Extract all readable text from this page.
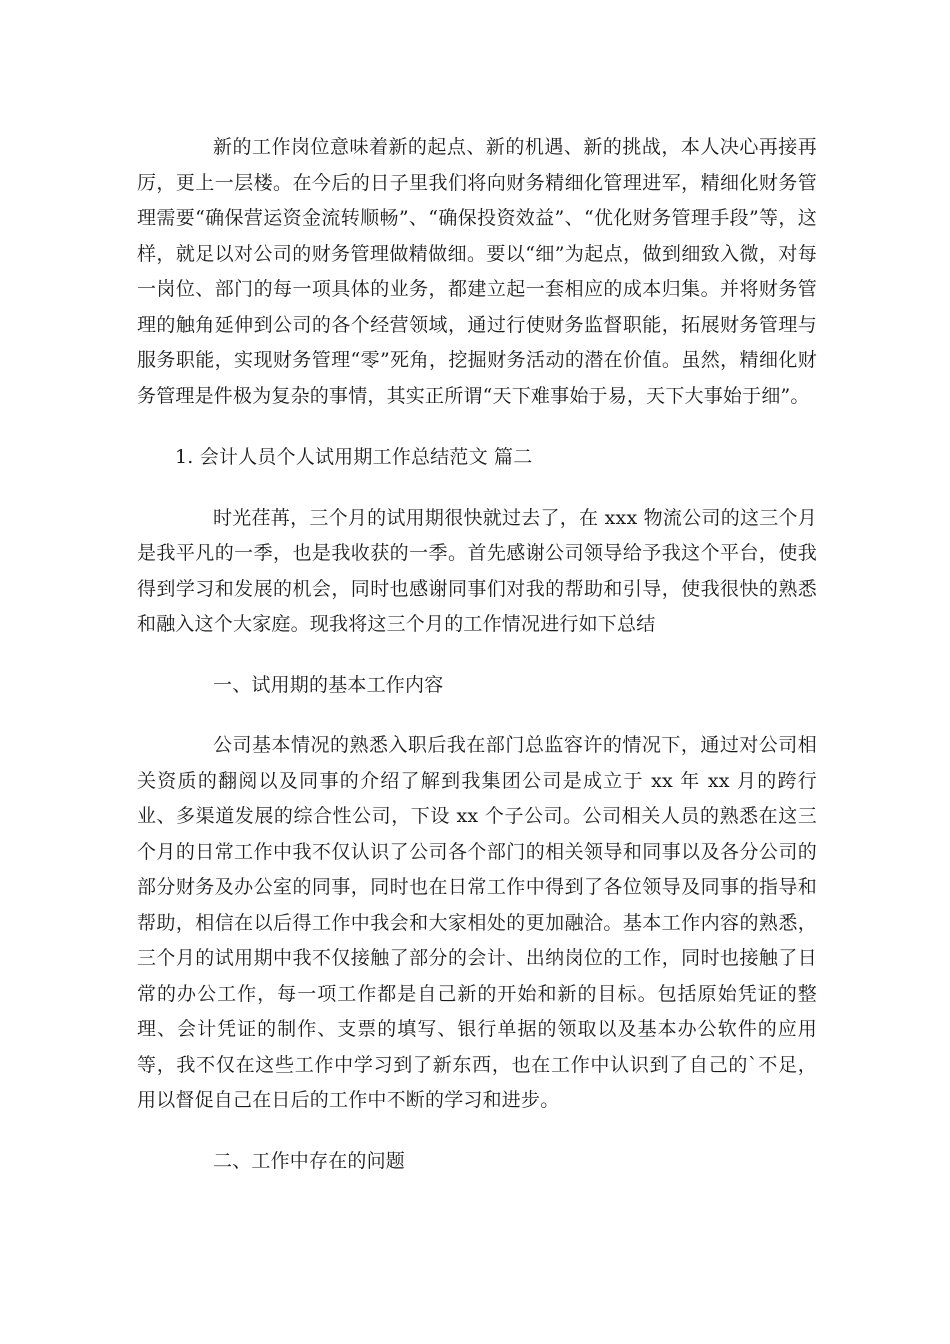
新的工作岗位意味着新的起点、新的机遇、新的挑战，本人决心再接再厉，更上一层楼。在今后的日子里我们将向财务精细化管理进军，精细化财务管理需要“确保营运资金流转顺畅”、“确保投资效益”、“优化财务管理手段”等，这样，就足以对公司的财务管理做精做细。要以“细”为起点，做到细致入微，对每一岗位、部门的每一项具体的业务，都建立起一套相应的成本归集。并将财务管理的触角延伸到公司的各个经营领域，通过行使财务监督职能，拓展财务管理与服务职能，实现财务管理“零”死角，挖掘财务活动的潜在价值。虽然，精细化财务管理是件极为复杂的事情，其实正所谓“天下难事始于易，天下大事始于细”。

1. 会计人员个人试用期工作总结范文 篇二

时光荏苒，三个月的试用期很快就过去了，在 xxx 物流公司的这三个月是我平凡的一季，也是我收获的一季。首先感谢公司领导给予我这个平台，使我得到学习和发展的机会，同时也感谢同事们对我的帮助和引导，使我很快的熟悉和融入这个大家庭。现我将这三个月的工作情况进行如下总结

一、试用期的基本工作内容

公司基本情况的熟悉入职后我在部门总监容许的情况下，通过对公司相关资质的翻阅以及同事的介绍了解到我集团公司是成立于 xx 年 xx 月的跨行业、多渠道发展的综合性公司，下设 xx 个子公司。公司相关人员的熟悉在这三个月的日常工作中我不仅认识了公司各个部门的相关领导和同事以及各分公司的部分财务及办公室的同事，同时也在日常工作中得到了各位领导及同事的指导和帮助，相信在以后得工作中我会和大家相处的更加融洽。基本工作内容的熟悉，三个月的试用期中我不仅接触了部分的会计、出纳岗位的工作，同时也接触了日常的办公工作，每一项工作都是自己新的开始和新的目标。包括原始凭证的整理、会计凭证的制作、支票的填写、银行单据的领取以及基本办公软件的应用等，我不仅在这些工作中学习到了新东西，也在工作中认识到了自己的`不足，用以督促自己在日后的工作中不断的学习和进步。

二、工作中存在的问题
